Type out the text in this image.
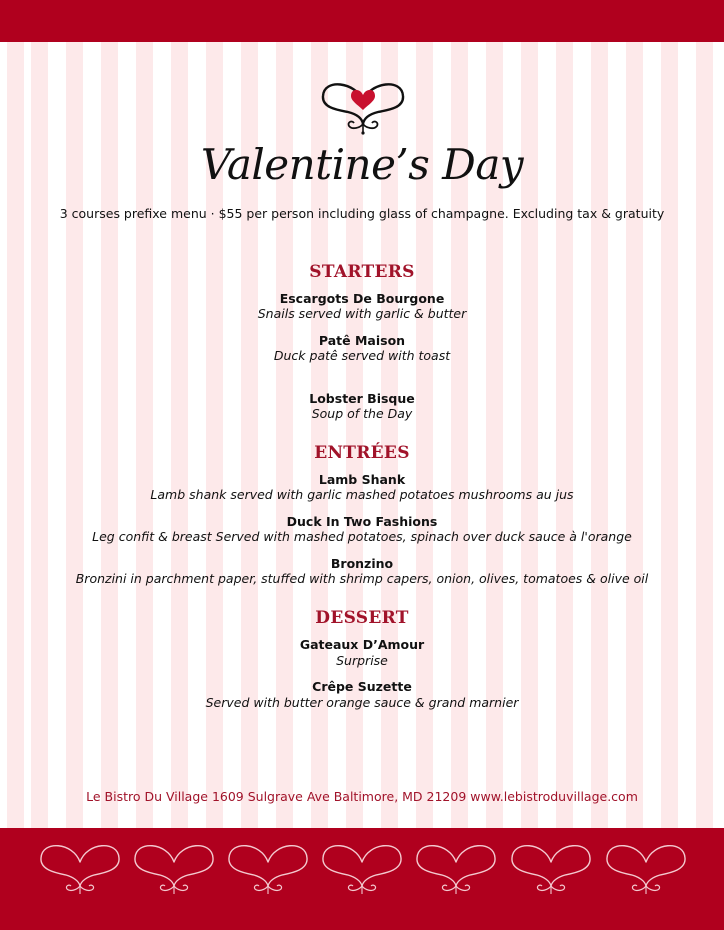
Valentine’s Day
3 courses prefixe menu · $55 per person including glass of champagne. Excluding tax & gratuity
STARTERS
Escargots De Bourgone
Snails served with garlic & butter
Patê Maison
Duck patê served with toast
Lobster Bisque
Soup of the Day
ENTRÉES
Lamb Shank
Lamb shank served with garlic mashed potatoes mushrooms au jus
Duck In Two Fashions
Leg confit & breast Served with mashed potatoes, spinach over duck sauce à l'orange
Bronzino
Bronzini in parchment paper, stuffed with shrimp capers, onion, olives, tomatoes & olive oil
DESSERT
Gateaux D’Amour
Surprise
Crêpe Suzette
Served with butter orange sauce & grand marnier
Le Bistro Du Village 1609 Sulgrave Ave Baltimore, MD 21209 www.lebistroduvillage.com
